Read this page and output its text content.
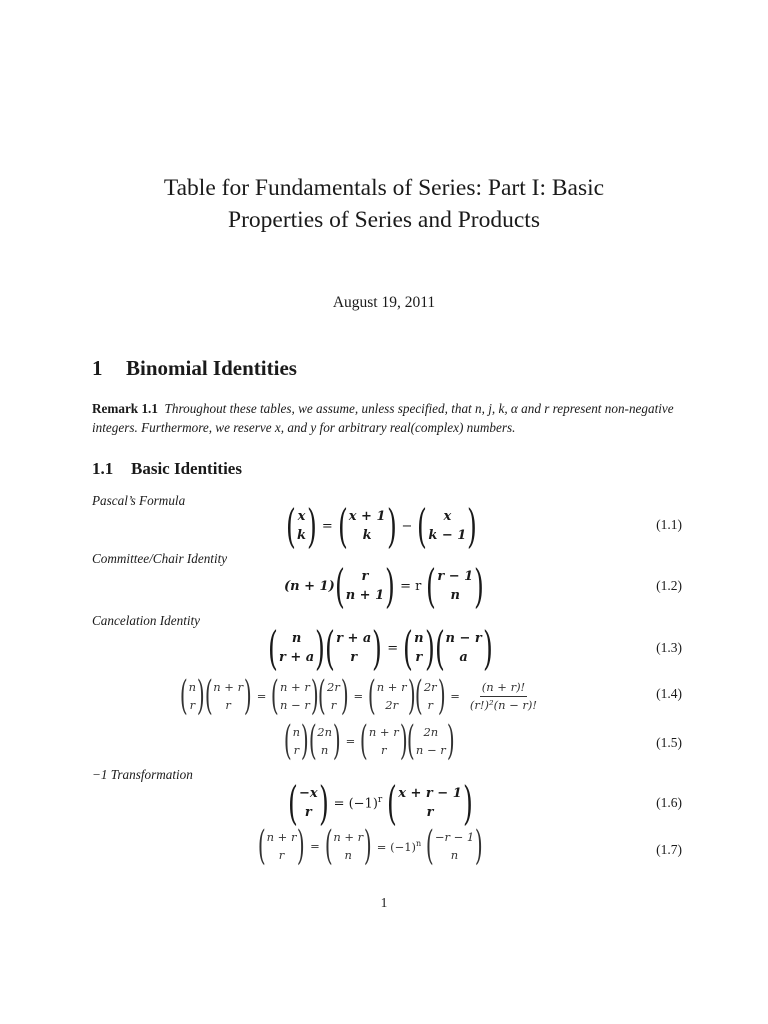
Table for Fundamentals of Series: Part I: Basic
Properties of Series and Products
August 19, 2011
1 Binomial Identities
Remark 1.1 Throughout these tables, we assume, unless specified, that n, j, k, α and r represent non-negative integers. Furthermore, we reserve x, and y for arbitrary real(complex) numbers.
1.1 Basic Identities
Pascal’s Formula ( x
k ) = ( x + 1
k ) − ( x
k − 1 )	(1.1)
Committee/Chair Identity
(n + 1) ( r
n + 1 ) = r ( r − 1
n )	(1.2)
Cancelation Identity
( n
r + a ) ( r + a
r ) = ( n
r ) ( n − r
a )	(1.3)
( n
r ) ( n + r
r ) = ( n + r
n − r ) ( 2r
r ) = ( n + r
2r ) ( 2r
r ) = $\frac{(n + r)!}{\text{(r!)²(n − r)!}}$	(1.4)
( n
r ) ( 2n
n ) = ( n + r
r ) ( 2n
n − r )	(1.5)
−1 Transformation
( −x
r ) = $(-1)^r$ ( x + r − 1
r )	(1.6)
( n + r
r ) = ( n + r
n ) = $(-1)^n$ ( −r − 1
n )	(1.7)
1
